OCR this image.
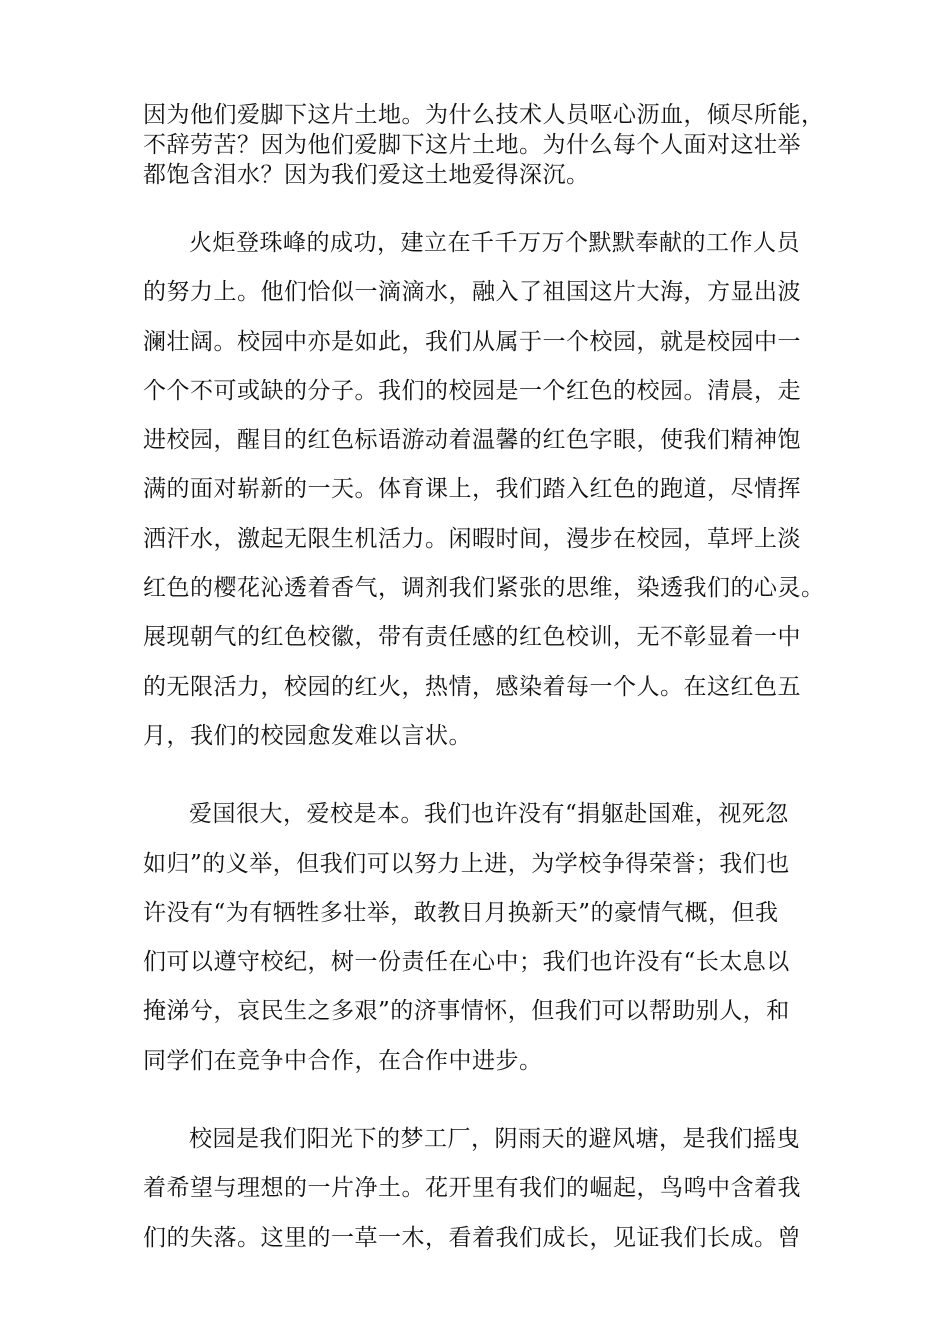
因为他们爱脚下这片土地。为什么技术人员呕心沥血，倾尽所能，

不辞劳苦？因为他们爱脚下这片土地。为什么每个人面对这壮举

都饱含泪水？因为我们爱这土地爱得深沉。

火炬登珠峰的成功，建立在千千万万个默默奉献的工作人员
的努力上。他们恰似一滴滴水，融入了祖国这片大海，方显出波
澜壮阔。校园中亦是如此，我们从属于一个校园，就是校园中一
个个不可或缺的分子。我们的校园是一个红色的校园。清晨，走
进校园，醒目的红色标语游动着温馨的红色字眼，使我们精神饱
满的面对崭新的一天。体育课上，我们踏入红色的跑道，尽情挥
洒汗水，激起无限生机活力。闲暇时间，漫步在校园，草坪上淡
红色的樱花沁透着香气，调剂我们紧张的思维，染透我们的心灵。
展现朝气的红色校徽，带有责任感的红色校训，无不彰显着一中
的无限活力，校园的红火，热情，感染着每一个人。在这红色五
月，我们的校园愈发难以言状。
爱国很大，爱校是本。我们也许没有“捐躯赴国难，视死忽
如归”的义举，但我们可以努力上进，为学校争得荣誉；我们也
许没有“为有牺牲多壮举，敢教日月换新天”的豪情气概，但我
们可以遵守校纪，树一份责任在心中；我们也许没有“长太息以
掩涕兮，哀民生之多艰”的济事情怀，但我们可以帮助别人，和
同学们在竞争中合作，在合作中进步。
校园是我们阳光下的梦工厂，阴雨天的避风塘，是我们摇曳
着希望与理想的一片净土。花开里有我们的崛起，鸟鸣中含着我
们的失落。这里的一草一木，看着我们成长，见证我们长成。曾
